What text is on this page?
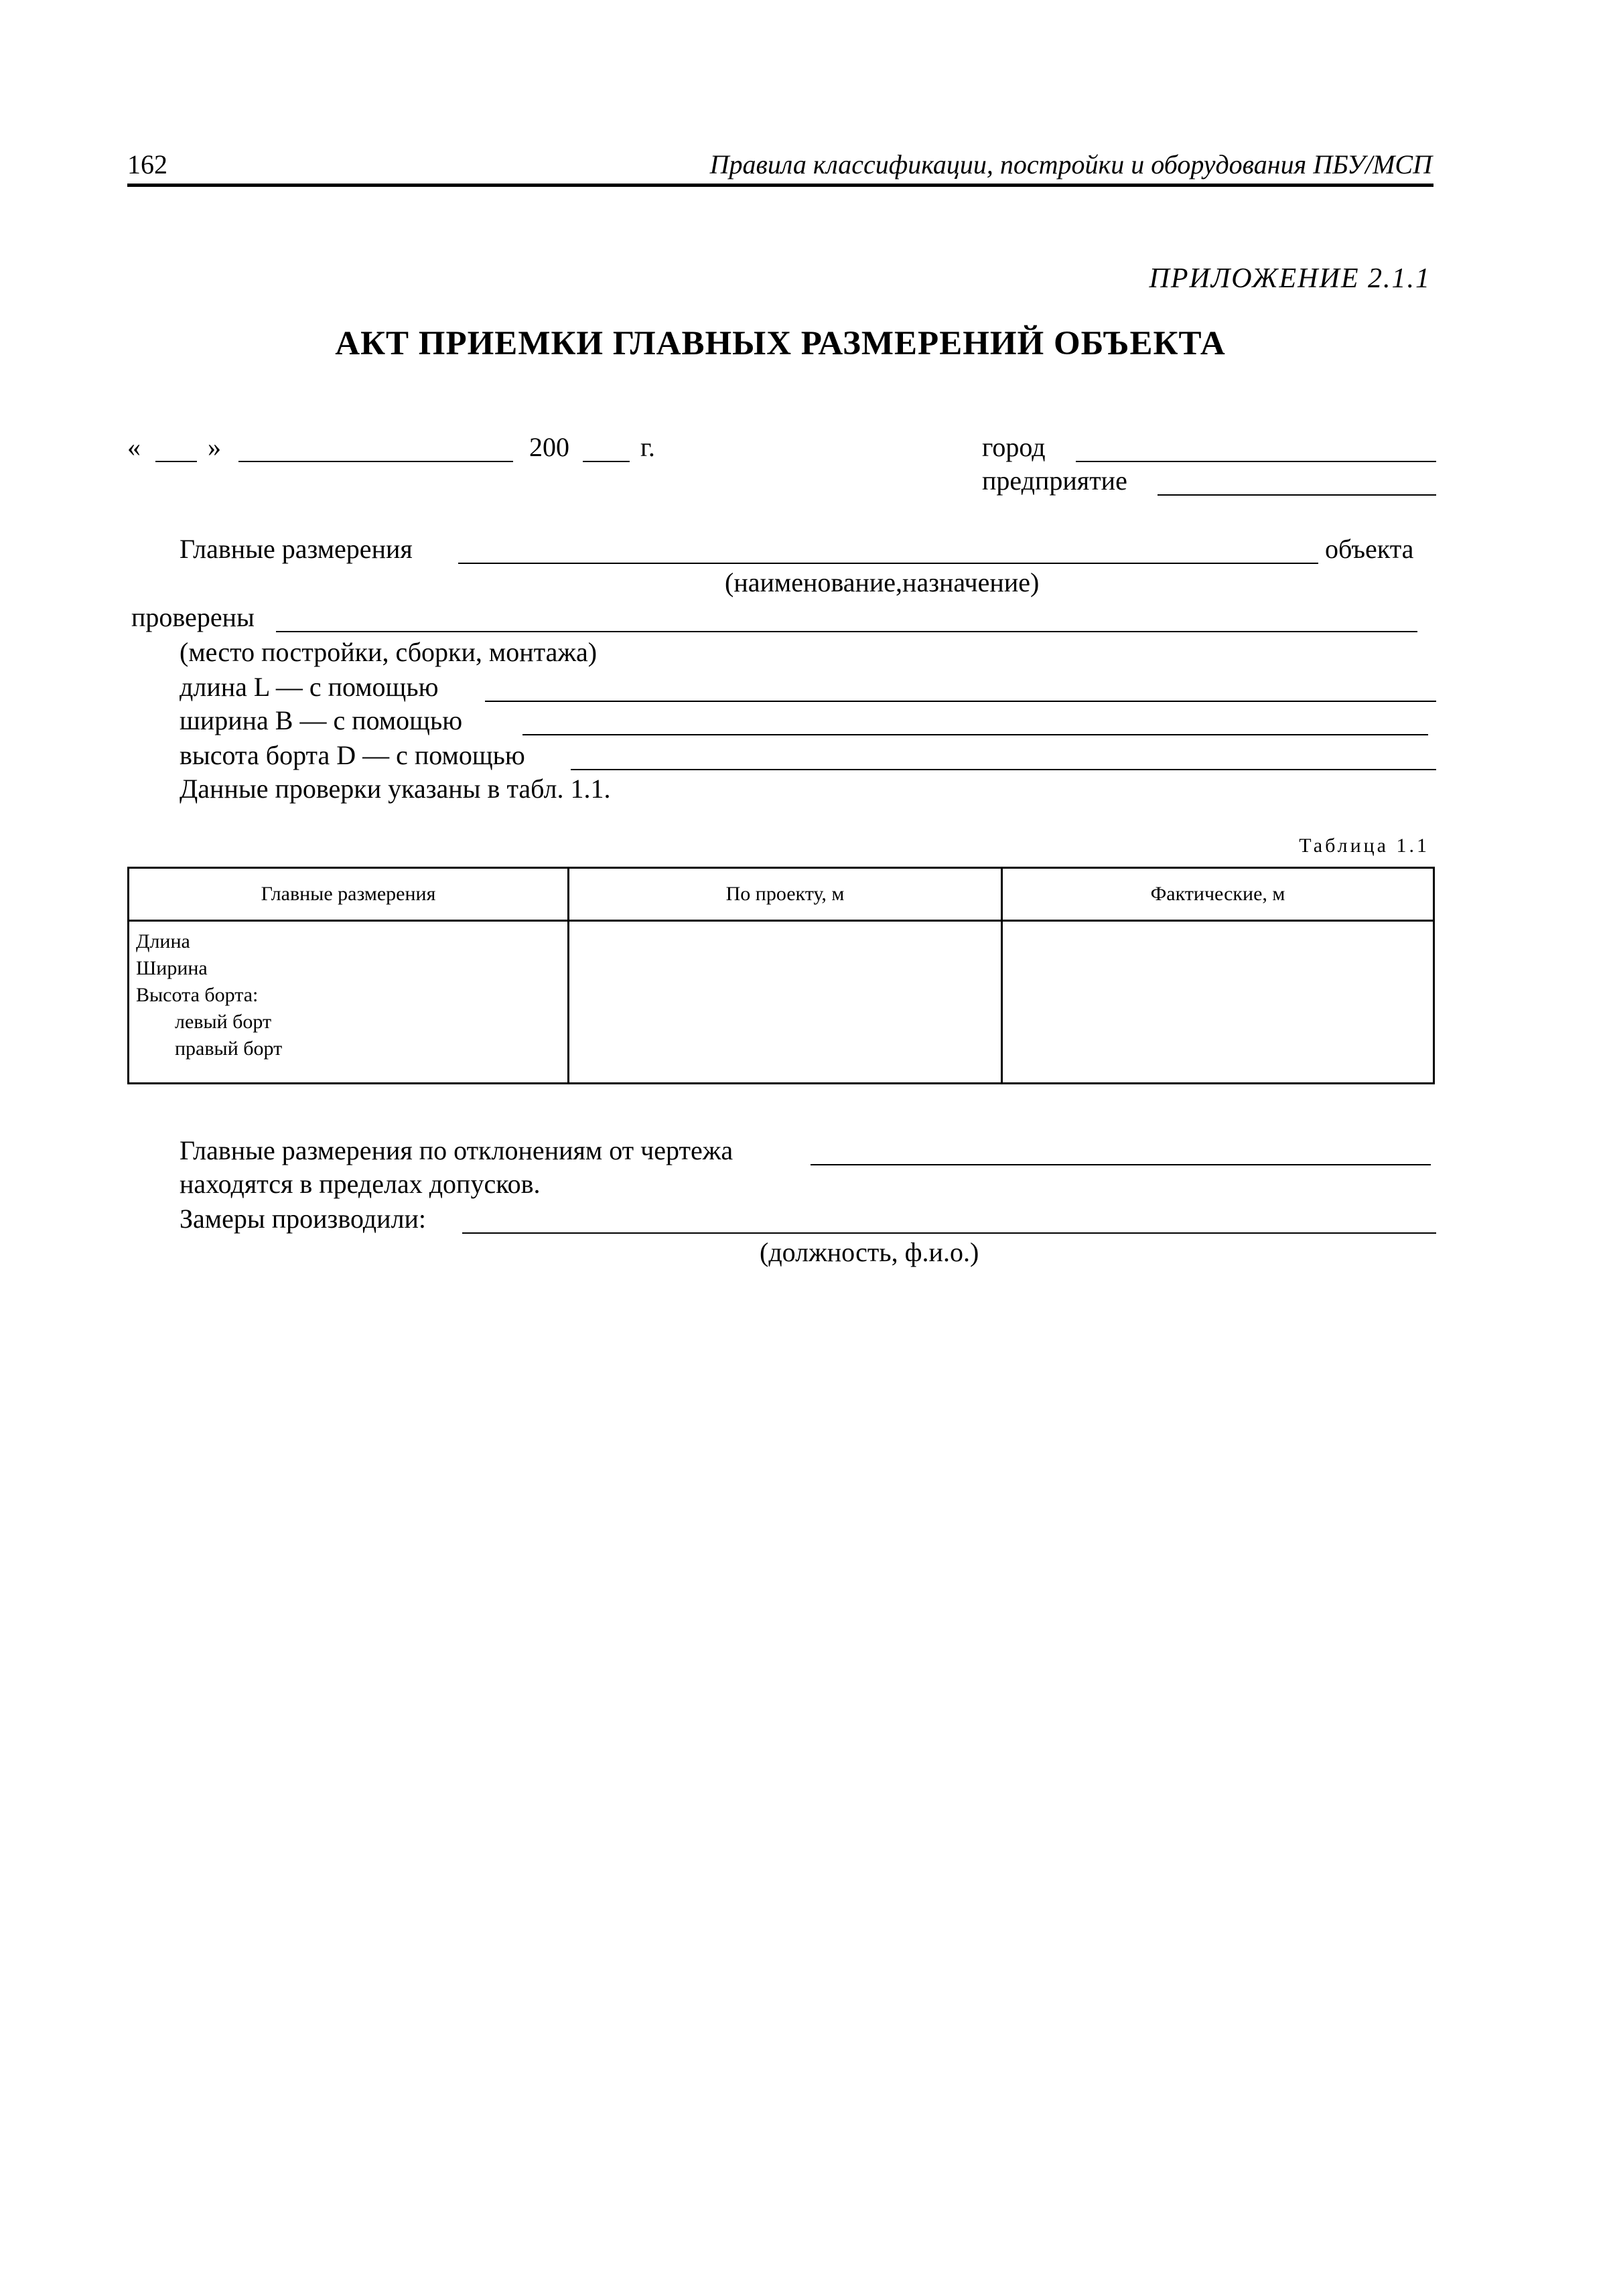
162	Правила классификации, постройки и оборудования ПБУ/МСП
ПРИЛОЖЕНИЕ 2.1.1
АКТ ПРИЕМКИ ГЛАВНЫХ РАЗМЕРЕНИЙ ОБЪЕКТА
«	»	200	г.	город
предприятие
Главные размерения	объекта
(наименование,назначение)
проверены
(место постройки, сборки, монтажа)
длина L — с помощью
ширина B — с помощью
высота борта D — с помощью
Данные проверки указаны в табл. 1.1.
Таблица 1.1
Главные размерения	По проекту, м	Фактические, м

Длина
Ширина
Высота борта:
левый борт
правый борт		

Главные размерения по отклонениям от чертежа
находятся в пределах допусков.
Замеры производили:
(должность, ф.и.о.)
